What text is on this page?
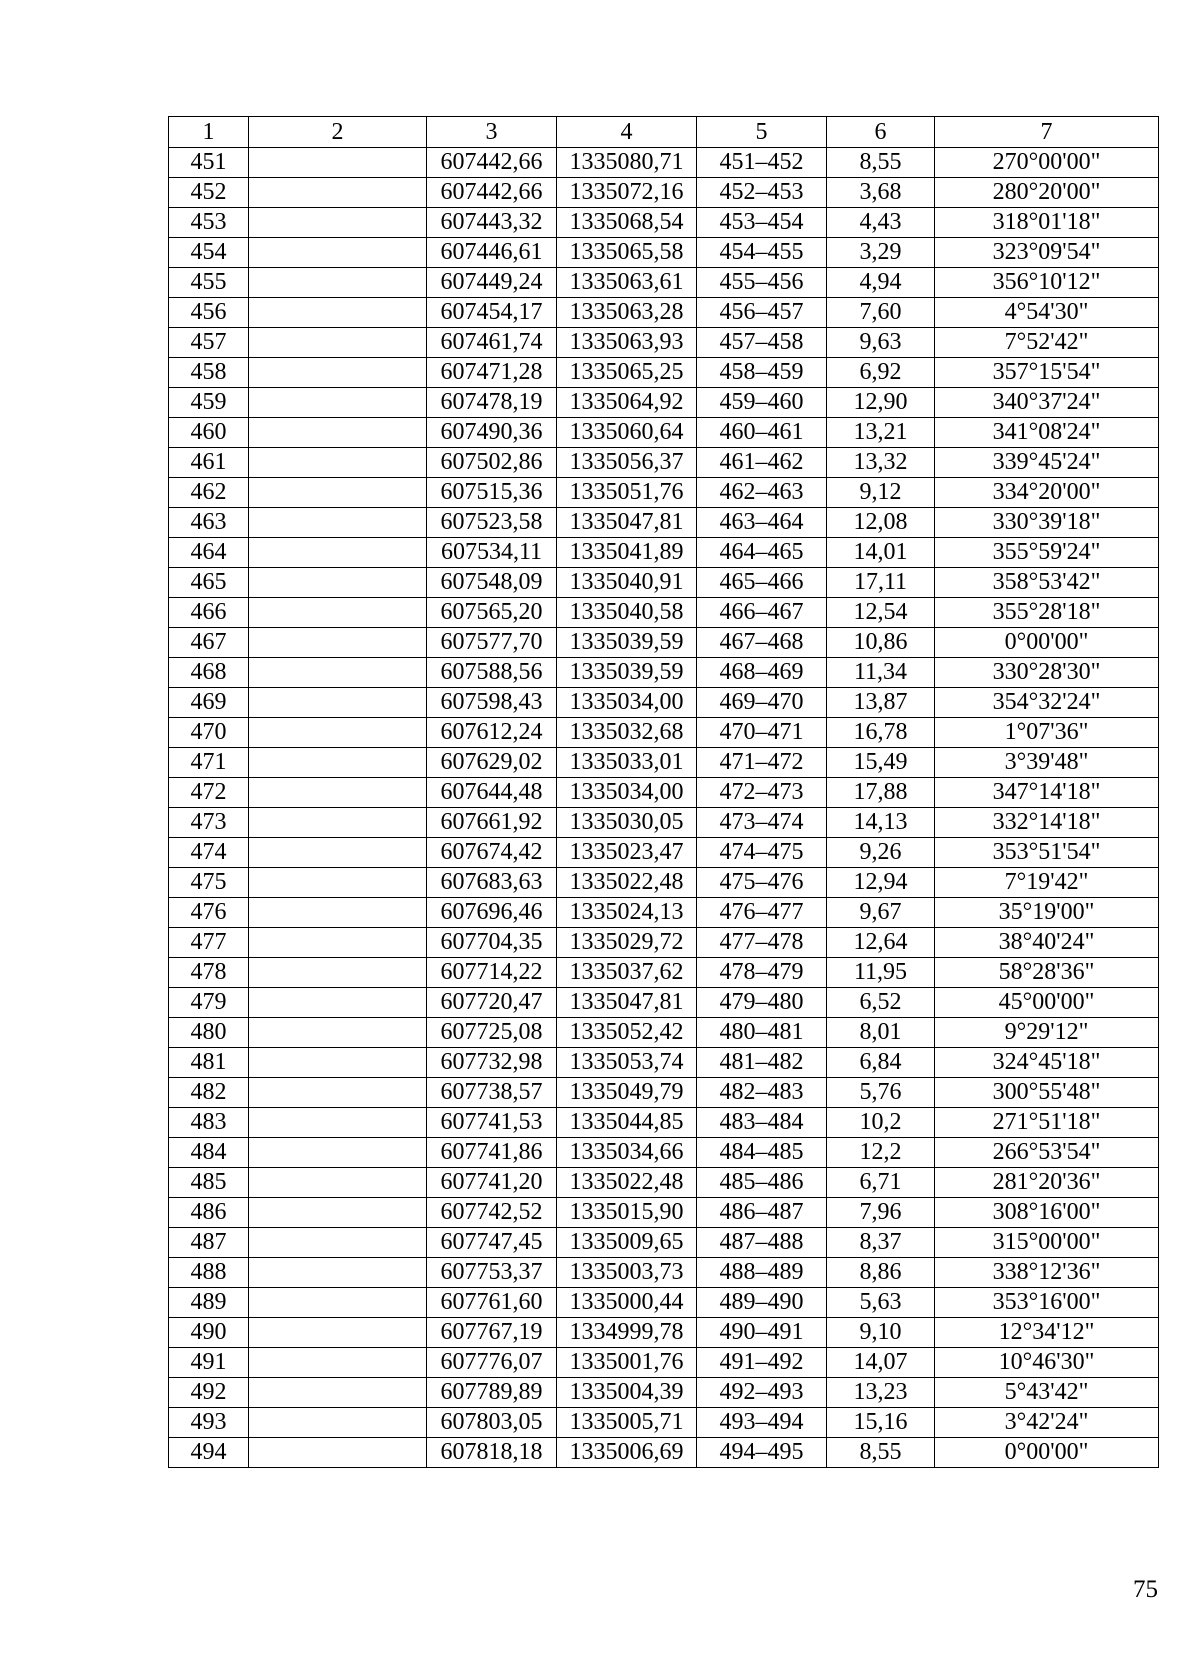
1	2	3	4	5	6	7
451		607442,66	1335080,71	451–452	8,55	270°00'00"
452		607442,66	1335072,16	452–453	3,68	280°20'00"
453		607443,32	1335068,54	453–454	4,43	318°01'18"
454		607446,61	1335065,58	454–455	3,29	323°09'54"
455		607449,24	1335063,61	455–456	4,94	356°10'12"
456		607454,17	1335063,28	456–457	7,60	4°54'30"
457		607461,74	1335063,93	457–458	9,63	7°52'42"
458		607471,28	1335065,25	458–459	6,92	357°15'54"
459		607478,19	1335064,92	459–460	12,90	340°37'24"
460		607490,36	1335060,64	460–461	13,21	341°08'24"
461		607502,86	1335056,37	461–462	13,32	339°45'24"
462		607515,36	1335051,76	462–463	9,12	334°20'00"
463		607523,58	1335047,81	463–464	12,08	330°39'18"
464		607534,11	1335041,89	464–465	14,01	355°59'24"
465		607548,09	1335040,91	465–466	17,11	358°53'42"
466		607565,20	1335040,58	466–467	12,54	355°28'18"
467		607577,70	1335039,59	467–468	10,86	0°00'00"
468		607588,56	1335039,59	468–469	11,34	330°28'30"
469		607598,43	1335034,00	469–470	13,87	354°32'24"
470		607612,24	1335032,68	470–471	16,78	1°07'36"
471		607629,02	1335033,01	471–472	15,49	3°39'48"
472		607644,48	1335034,00	472–473	17,88	347°14'18"
473		607661,92	1335030,05	473–474	14,13	332°14'18"
474		607674,42	1335023,47	474–475	9,26	353°51'54"
475		607683,63	1335022,48	475–476	12,94	7°19'42"
476		607696,46	1335024,13	476–477	9,67	35°19'00"
477		607704,35	1335029,72	477–478	12,64	38°40'24"
478		607714,22	1335037,62	478–479	11,95	58°28'36"
479		607720,47	1335047,81	479–480	6,52	45°00'00"
480		607725,08	1335052,42	480–481	8,01	9°29'12"
481		607732,98	1335053,74	481–482	6,84	324°45'18"
482		607738,57	1335049,79	482–483	5,76	300°55'48"
483		607741,53	1335044,85	483–484	10,2	271°51'18"
484		607741,86	1335034,66	484–485	12,2	266°53'54"
485		607741,20	1335022,48	485–486	6,71	281°20'36"
486		607742,52	1335015,90	486–487	7,96	308°16'00"
487		607747,45	1335009,65	487–488	8,37	315°00'00"
488		607753,37	1335003,73	488–489	8,86	338°12'36"
489		607761,60	1335000,44	489–490	5,63	353°16'00"
490		607767,19	1334999,78	490–491	9,10	12°34'12"
491		607776,07	1335001,76	491–492	14,07	10°46'30"
492		607789,89	1335004,39	492–493	13,23	5°43'42"
493		607803,05	1335005,71	493–494	15,16	3°42'24"
494		607818,18	1335006,69	494–495	8,55	0°00'00"
75
